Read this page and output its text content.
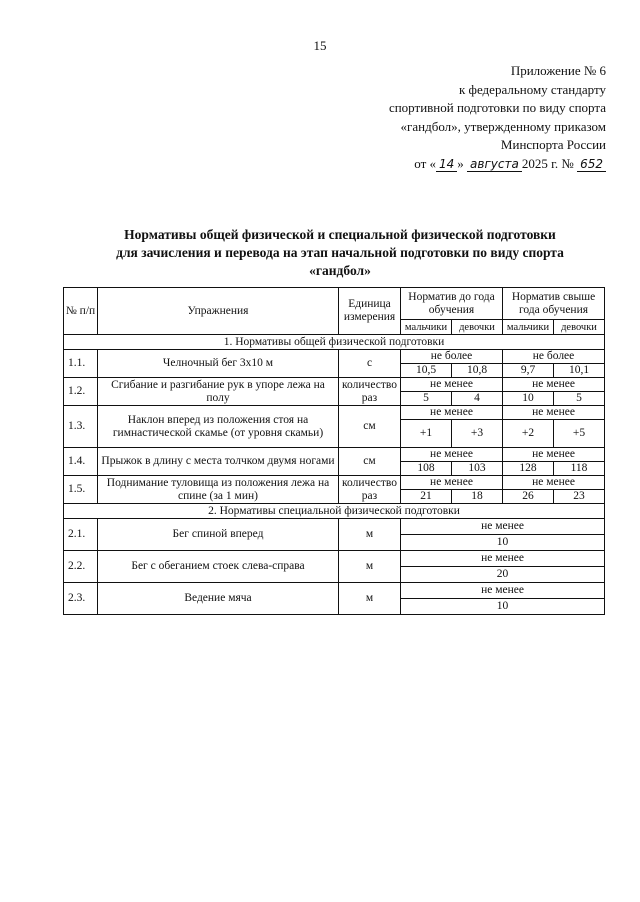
15
Приложение № 6
к федеральному стандарту
спортивной подготовки по виду спорта
«гандбол», утвержденному приказом
Минспорта России
от « 14 » августа 2025 г. № 652
Нормативы общей физической и специальной физической подготовки
для зачисления и перевода на этап начальной подготовки по виду спорта
«гандбол»
№ п/п	Упражнения	Единица измерения	Норматив до года обучения		Норматив свыше года обучения	
			мальчики	девочки	мальчики	девочки
1. Нормативы общей физической подготовки						
1.1.	Челночный бег 3х10 м	с	не более		не более	
			10,5	10,8	9,7	10,1
1.2.	Сгибание и разгибание рук в упоре лежа на полу	количество раз	не менее		не менее	
			5	4	10	5
1.3.	Наклон вперед из положения стоя на гимнастической скамье (от уровня скамьи)	см	не менее		не менее	
			+1	+3	+2	+5
1.4.	Прыжок в длину с места толчком двумя ногами	см	не менее		не менее	
			108	103	128	118
1.5.	Поднимание туловища из положения лежа на спине (за 1 мин)	количество раз	не менее		не менее	
			21	18	26	23
2. Нормативы специальной физической подготовки						
2.1.	Бег спиной вперед	м	не менее			
			10			
2.2.	Бег с обеганием стоек слева-справа	м	не менее			
			20			
2.3.	Ведение мяча	м	не менее			
			10			
